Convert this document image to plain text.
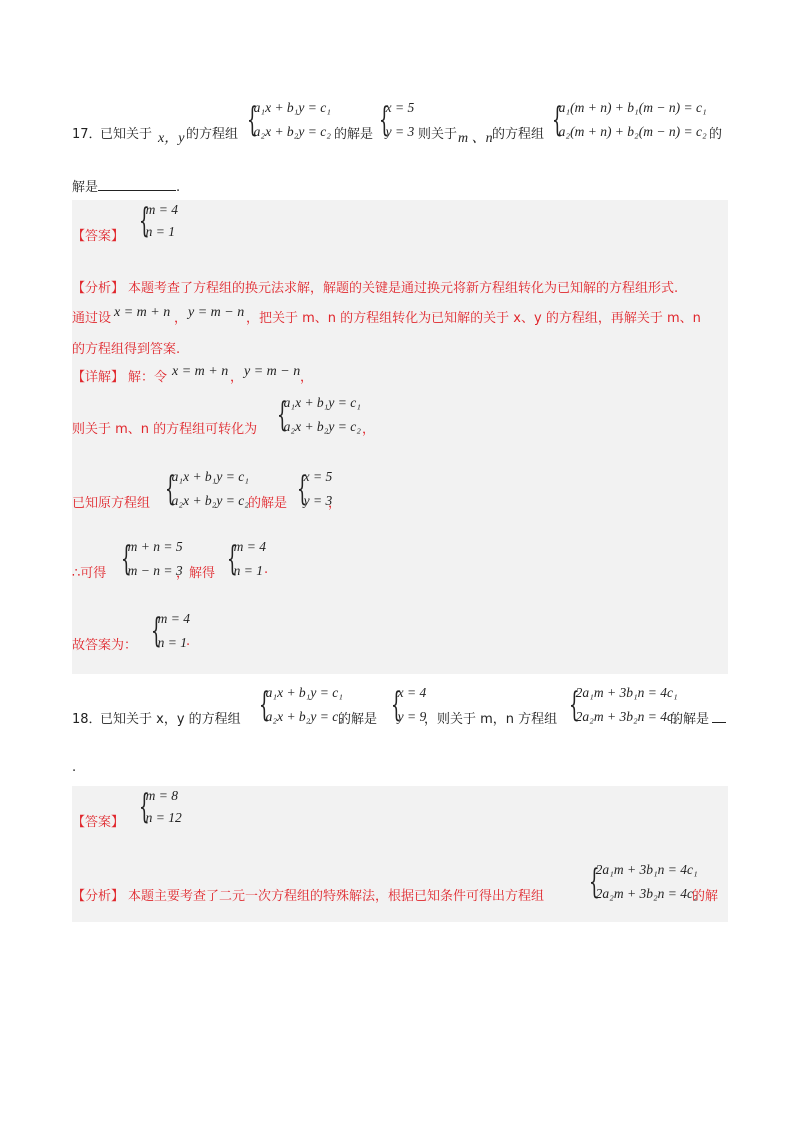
17．
已知关于 x，y 的方程组 {
a₁x + b₁y = c₁
a₂x + b₂y = c₂ 的解是 {
x = 5
y = 3 则关于 m 、n 的方程组 {
a₁(m + n) + b₁(m − n) = c₁
a₂(m + n) + b₂(m − n) = c₂ 的
解是	.
【答案】 {
m = 4
n = 1
【分析】 本题考查了方程组的换元法求解，解题的关键是通过换元将新方程组转化为已知解的方程组形式.
通过设 x = m + n ， y = m − n ，把关于 m、n 的方程组转化为已知解的关于 x、y 的方程组，再解关于 m、n
的方程组得到答案.
【详解】 解：令 x = m + n ， y = m − n ，
则关于 m、n 的方程组可转化为 {
a₁x + b₁y = c₁
a₂x + b₂y = c₂ ，
已知原方程组 {
a₁x + b₁y = c₁
a₂x + b₂y = c₂ 的解是 {
x = 5
y = 3
，
∴可得 {
m + n = 5
m − n = 3
，解得 {
m = 4
n = 1 .
故答案为： {
m = 4
n = 1
.
18．
已知关于 x，y 的方程组 {
a₁x + b₁y = c₁
a₂x + b₂y = c₂
的解是 {
x = 4
y = 9
，则关于 m，n 方程组 {
2a₁m + 3b₁n = 4c₁
2a₂m + 3b₂n = 4c₂
的解是
.
【答案】 {
m = 8
n = 12
【分析】 本题主要考查了二元一次方程组的特殊解法，根据已知条件可得出方程组 {
2a₁m + 3b₁n = 4c₁
2a₂m + 3b₂n = 4c₂
的解
